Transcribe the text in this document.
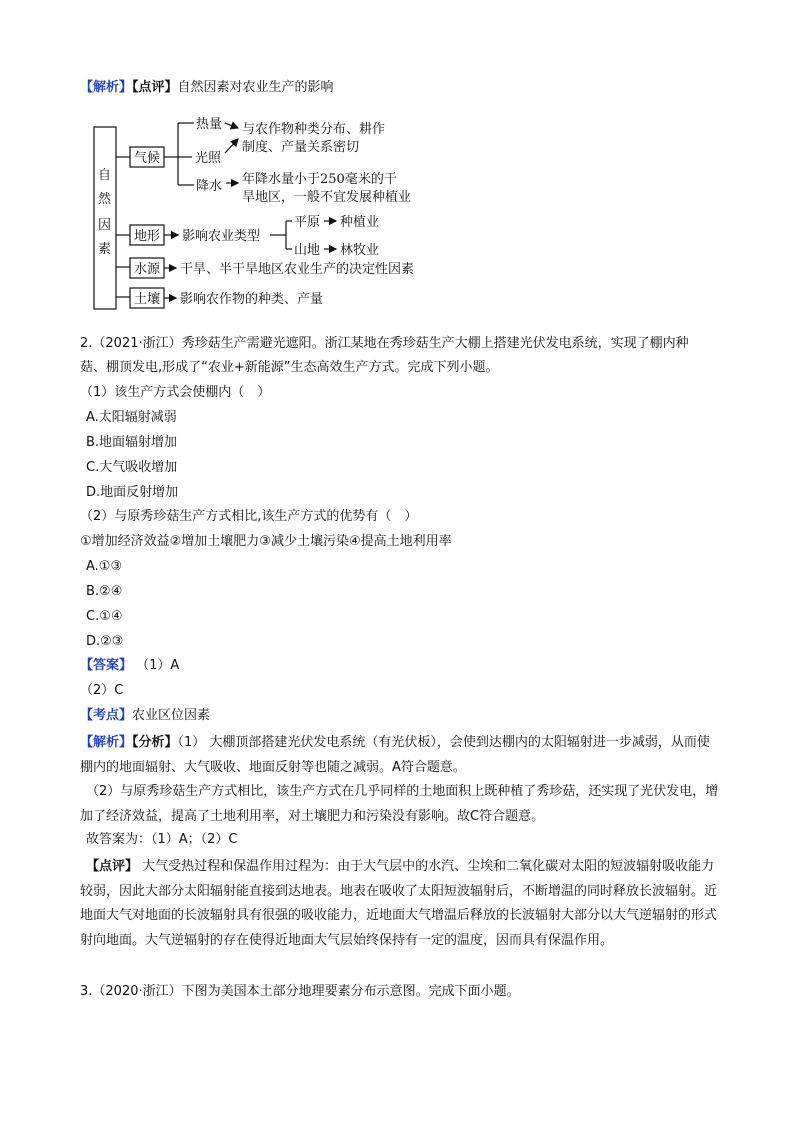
【解析】【点评】自然因素对农业生产的影响
自
然
因
素
气候
热量
光照
降水
与农作物种类分布、耕作
制度、产量关系密切
年降水量小于250毫米的干
旱地区，一般不宜发展种植业
地形 影响农业类型
平原
山地
种植业
林牧业
水源 干旱、半干旱地区农业生产的决定性因素
土壤 影响农作物的种类、产量
2.（2021·浙江）秀珍菇生产需避光遮阳。浙江某地在秀珍菇生产大棚上搭建光伏发电系统，实现了棚内种
菇、棚顶发电,形成了“农业+新能源”生态高效生产方式。完成下列小题。
（1）该生产方式会使棚内（　）
A.太阳辐射减弱
B.地面辐射增加
C.大气吸收增加
D.地面反射增加
（2）与原秀珍菇生产方式相比,该生产方式的优势有（　）
①增加经济效益②增加土壤肥力③减少土壤污染④提高土地利用率
A.①③
B.②④
C.①④
D.②③
【答案】 （1）A
（2）C
【考点】农业区位因素
【解析】【分析】（1） 大棚顶部搭建光伏发电系统（有光伏板），会使到达棚内的太阳辐射进一步减弱，从而使棚内的地面辐射、大气吸收、地面反射等也随之减弱。A符合题意。
（2）与原秀珍菇生产方式相比，该生产方式在几乎同样的土地面积上既种植了秀珍菇，还实现了光伏发电，增加了经济效益，提高了土地利用率，对土壤肥力和污染没有影响。故C符合题意。
故答案为：（1）A；（2）C
【点评】 大气受热过程和保温作用过程为：由于大气层中的水汽、尘埃和二氧化碳对太阳的短波辐射吸收能力较弱，因此大部分太阳辐射能直接到达地表。地表在吸收了太阳短波辐射后，不断增温的同时释放长波辐射。近地面大气对地面的长波辐射具有很强的吸收能力，近地面大气增温后释放的长波辐射大部分以大气逆辐射的形式射向地面。大气逆辐射的存在使得近地面大气层始终保持有一定的温度，因而具有保温作用。
3.（2020·浙江）下图为美国本土部分地理要素分布示意图。完成下面小题。
